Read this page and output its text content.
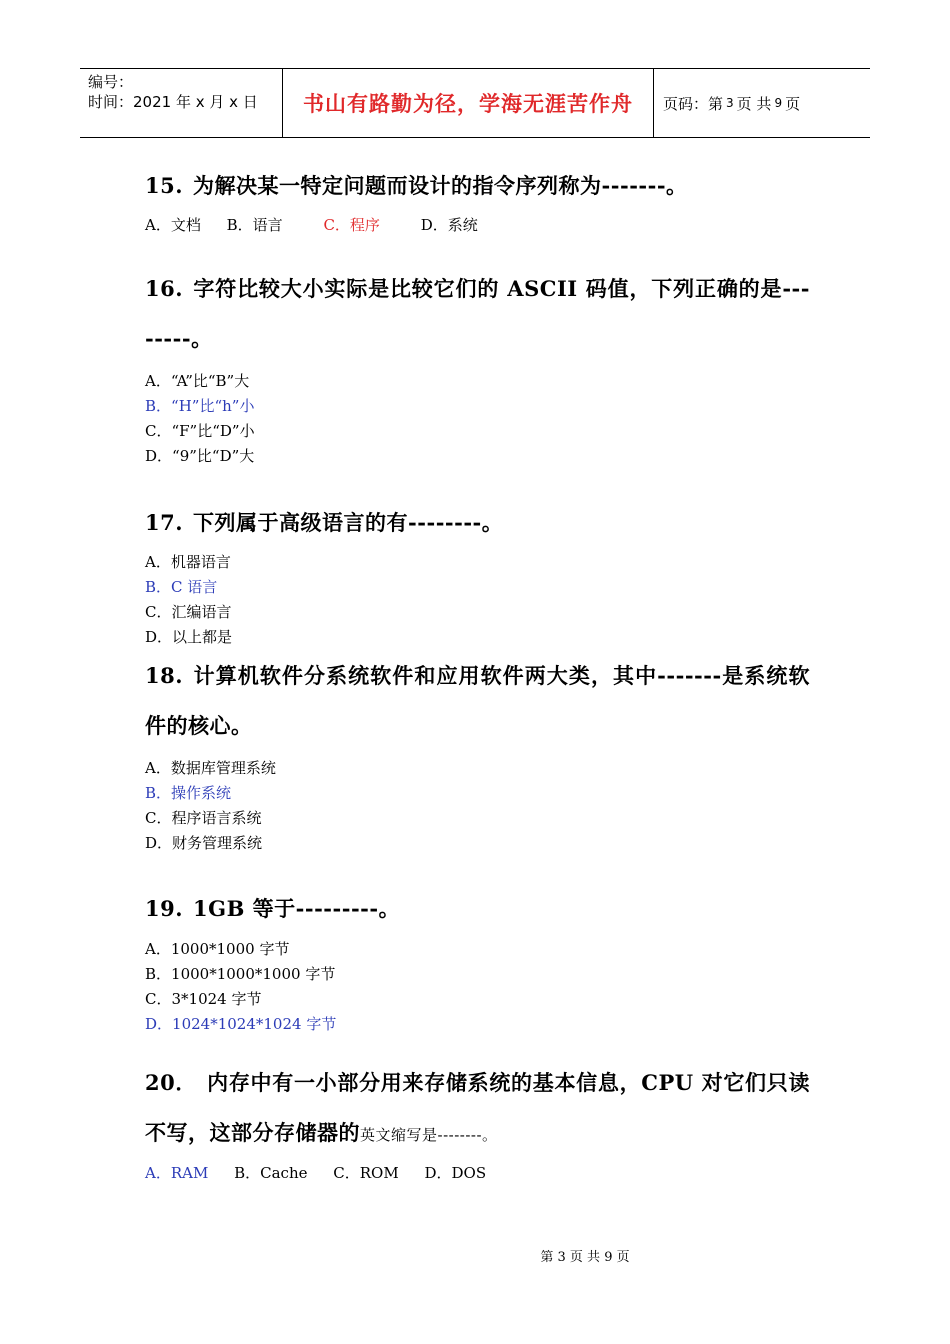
编号：
时间：2021 年 x 月 x 日	书山有路勤为径，学海无涯苦作舟	页码：第 3 页 共 9 页
15. 为解决某一特定问题而设计的指令序列称为-------。
A．文档 B．语言	C．程序	D．系统
16. 字符比较大小实际是比较它们的 ASCII 码值，下列正确的是--------。
A．“A”比“B”大
B．“H”比“h”小
C．“F”比“D”小
D．“9”比“D”大
17. 下列属于高级语言的有--------。
A．机器语言
B．C 语言
C．汇编语言
D．以上都是
18. 计算机软件分系统软件和应用软件两大类，其中-------是系统软件的核心。
A．数据库管理系统
B．操作系统
C．程序语言系统
D．财务管理系统
19. 1GB 等于---------。
A．1000*1000 字节
B．1000*1000*1000 字节
C．3*1024 字节
D．1024*1024*1024 字节
20． 内存中有一小部分用来存储系统的基本信息，CPU 对它们只读不写，这部分存储器的英文缩写是--------。
A．RAM B．Cache C．ROM D．DOS
第 3 页 共 9 页
